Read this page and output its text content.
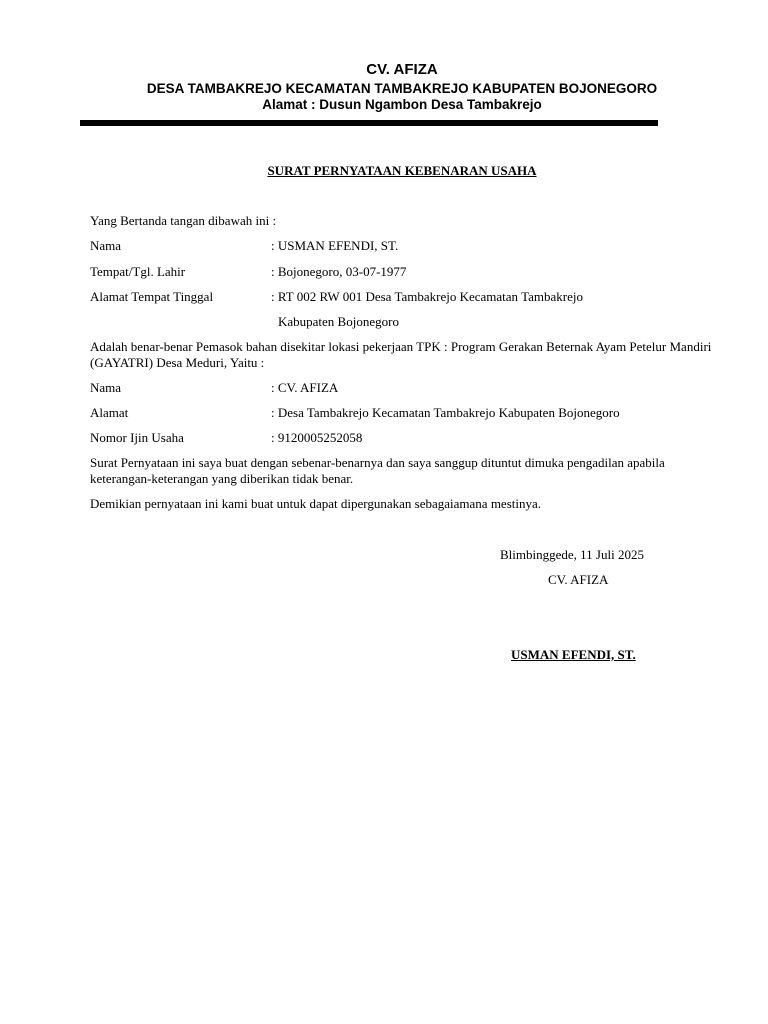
CV. AFIZA
DESA TAMBAKREJO KECAMATAN TAMBAKREJO KABUPATEN BOJONEGORO
Alamat : Dusun Ngambon Desa Tambakrejo
SURAT PERNYATAAN KEBENARAN USAHA
Yang Bertanda tangan dibawah ini :
Nama	: USMAN EFENDI, ST.
Tempat/Tgl. Lahir	: Bojonegoro, 03-07-1977
Alamat Tempat Tinggal	: RT 002 RW 001 Desa Tambakrejo Kecamatan Tambakrejo
Kabupaten Bojonegoro

Adalah benar-benar Pemasok bahan disekitar lokasi pekerjaan TPK : Program Gerakan Beternak Ayam Petelur Mandiri (GAYATRI) Desa Meduri, Yaitu :

Nama	: CV. AFIZA
Alamat	: Desa Tambakrejo Kecamatan Tambakrejo Kabupaten Bojonegoro
Nomor Ijin Usaha	: 9120005252058

Surat Pernyataan ini saya buat dengan sebenar-benarnya dan saya sanggup dituntut dimuka pengadilan apabila keterangan-keterangan yang diberikan tidak benar.

Demikian pernyataan ini kami buat untuk dapat dipergunakan sebagaiamana mestinya.

Blimbinggede, 11 Juli 2025
CV. AFIZA
USMAN EFENDI, ST.
